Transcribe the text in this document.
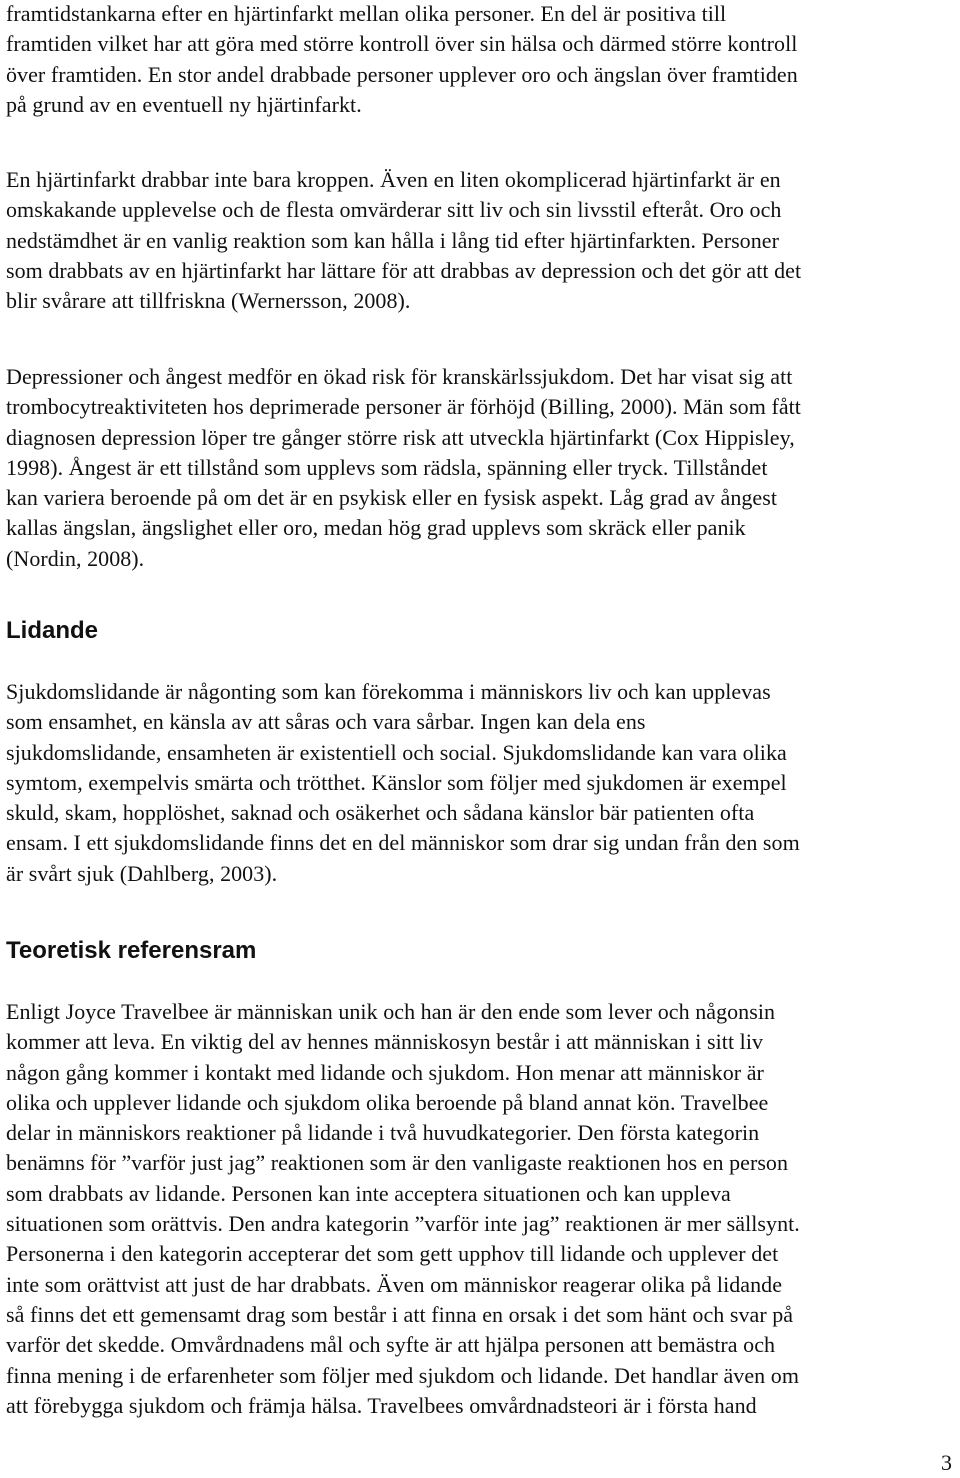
framtidstankarna efter en hjärtinfarkt mellan olika personer. En del är positiva till
framtiden vilket har att göra med större kontroll över sin hälsa och därmed större kontroll
över framtiden. En stor andel drabbade personer upplever oro och ängslan över framtiden
på grund av en eventuell ny hjärtinfarkt.
En hjärtinfarkt drabbar inte bara kroppen. Även en liten okomplicerad hjärtinfarkt är en
omskakande upplevelse och de flesta omvärderar sitt liv och sin livsstil efteråt. Oro och
nedstämdhet är en vanlig reaktion som kan hålla i lång tid efter hjärtinfarkten. Personer
som drabbats av en hjärtinfarkt har lättare för att drabbas av depression och det gör att det
blir svårare att tillfriskna (Wernersson, 2008).
Depressioner och ångest medför en ökad risk för kranskärlssjukdom. Det har visat sig att
trombocytreaktiviteten hos deprimerade personer är förhöjd (Billing, 2000). Män som fått
diagnosen depression löper tre gånger större risk att utveckla hjärtinfarkt (Cox Hippisley,
1998). Ångest är ett tillstånd som upplevs som rädsla, spänning eller tryck. Tillståndet
kan variera beroende på om det är en psykisk eller en fysisk aspekt. Låg grad av ångest
kallas ängslan, ängslighet eller oro, medan hög grad upplevs som skräck eller panik
(Nordin, 2008).
Lidande
Sjukdomslidande är någonting som kan förekomma i människors liv och kan upplevas
som ensamhet, en känsla av att såras och vara sårbar. Ingen kan dela ens
sjukdomslidande, ensamheten är existentiell och social. Sjukdomslidande kan vara olika
symtom, exempelvis smärta och trötthet. Känslor som följer med sjukdomen är exempel
skuld, skam, hopplöshet, saknad och osäkerhet och sådana känslor bär patienten ofta
ensam. I ett sjukdomslidande finns det en del människor som drar sig undan från den som
är svårt sjuk (Dahlberg, 2003).
Teoretisk referensram
Enligt Joyce Travelbee är människan unik och han är den ende som lever och någonsin
kommer att leva. En viktig del av hennes människosyn består i att människan i sitt liv
någon gång kommer i kontakt med lidande och sjukdom. Hon menar att människor är
olika och upplever lidande och sjukdom olika beroende på bland annat kön. Travelbee
delar in människors reaktioner på lidande i två huvudkategorier. Den första kategorin
benämns för ”varför just jag” reaktionen som är den vanligaste reaktionen hos en person
som drabbats av lidande. Personen kan inte acceptera situationen och kan uppleva
situationen som orättvis. Den andra kategorin ”varför inte jag” reaktionen är mer sällsynt.
Personerna i den kategorin accepterar det som gett upphov till lidande och upplever det
inte som orättvist att just de har drabbats. Även om människor reagerar olika på lidande
så finns det ett gemensamt drag som består i att finna en orsak i det som hänt och svar på
varför det skedde. Omvårdnadens mål och syfte är att hjälpa personen att bemästra och
finna mening i de erfarenheter som följer med sjukdom och lidande. Det handlar även om
att förebygga sjukdom och främja hälsa. Travelbees omvårdnadsteori är i första hand
3
